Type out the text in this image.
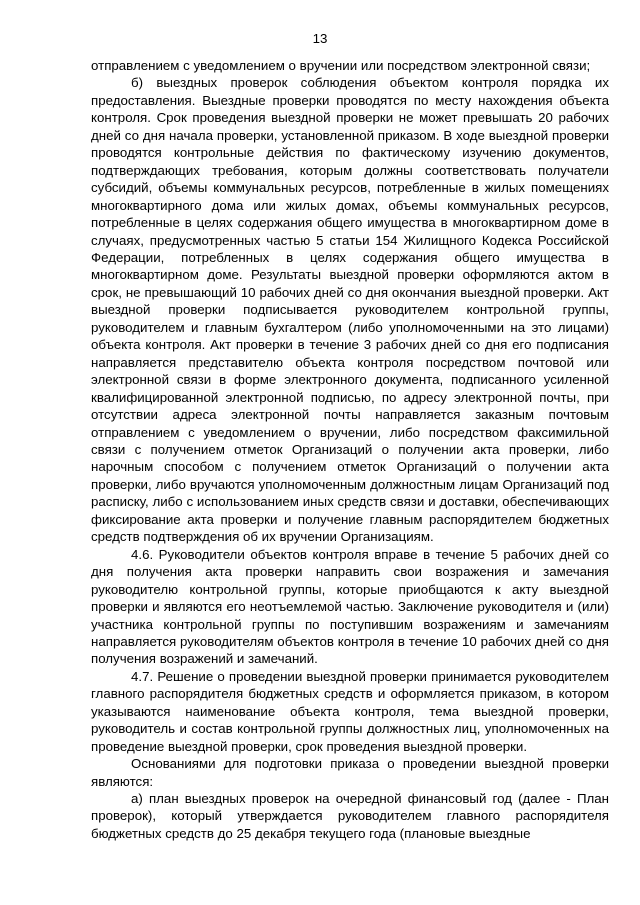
13

отправлением с уведомлением о вручении или посредством электронной связи;

б) выездных проверок соблюдения объектом контроля порядка их предоставления. Выездные проверки проводятся по месту нахождения объекта контроля. Срок проведения выездной проверки не может превышать 20 рабочих дней со дня начала проверки, установленной приказом. В ходе выездной проверки проводятся контрольные действия по фактическому изучению документов, подтверждающих требования, которым должны соответствовать получатели субсидий, объемы коммунальных ресурсов, потребленные в жилых помещениях многоквартирного дома или жилых домах, объемы коммунальных ресурсов, потребленные в целях содержания общего имущества в многоквартирном доме в случаях, предусмотренных частью 5 статьи 154 Жилищного Кодекса Российской Федерации, потребленных в целях содержания общего имущества в многоквартирном доме. Результаты выездной проверки оформляются актом в срок, не превышающий 10 рабочих дней со дня окончания выездной проверки. Акт выездной проверки подписывается руководителем контрольной группы, руководителем и главным бухгалтером (либо уполномоченными на это лицами) объекта контроля. Акт проверки в течение 3 рабочих дней со дня его подписания направляется представителю объекта контроля посредством почтовой или электронной связи в форме электронного документа, подписанного усиленной квалифицированной электронной подписью, по адресу электронной почты, при отсутствии адреса электронной почты направляется заказным почтовым отправлением с уведомлением о вручении, либо посредством факсимильной связи с получением отметок Организаций о получении акта проверки, либо нарочным способом с получением отметок Организаций о получении акта проверки, либо вручаются уполномоченным должностным лицам Организаций под расписку, либо с использованием иных средств связи и доставки, обеспечивающих фиксирование акта проверки и получение главным распорядителем бюджетных средств подтверждения об их вручении Организациям.

4.6. Руководители объектов контроля вправе в течение 5 рабочих дней со дня получения акта проверки направить свои возражения и замечания руководителю контрольной группы, которые приобщаются к акту выездной проверки и являются его неотъемлемой частью. Заключение руководителя и (или) участника контрольной группы по поступившим возражениям и замечаниям направляется руководителям объектов контроля в течение 10 рабочих дней со дня получения возражений и замечаний.

4.7. Решение о проведении выездной проверки принимается руководителем главного распорядителя бюджетных средств и оформляется приказом, в котором указываются наименование объекта контроля, тема выездной проверки, руководитель и состав контрольной группы должностных лиц, уполномоченных на проведение выездной проверки, срок проведения выездной проверки.

Основаниями для подготовки приказа о проведении выездной проверки являются:

а) план выездных проверок на очередной финансовый год (далее - План проверок), который утверждается руководителем главного распорядителя бюджетных средств до 25 декабря текущего года (плановые выездные
